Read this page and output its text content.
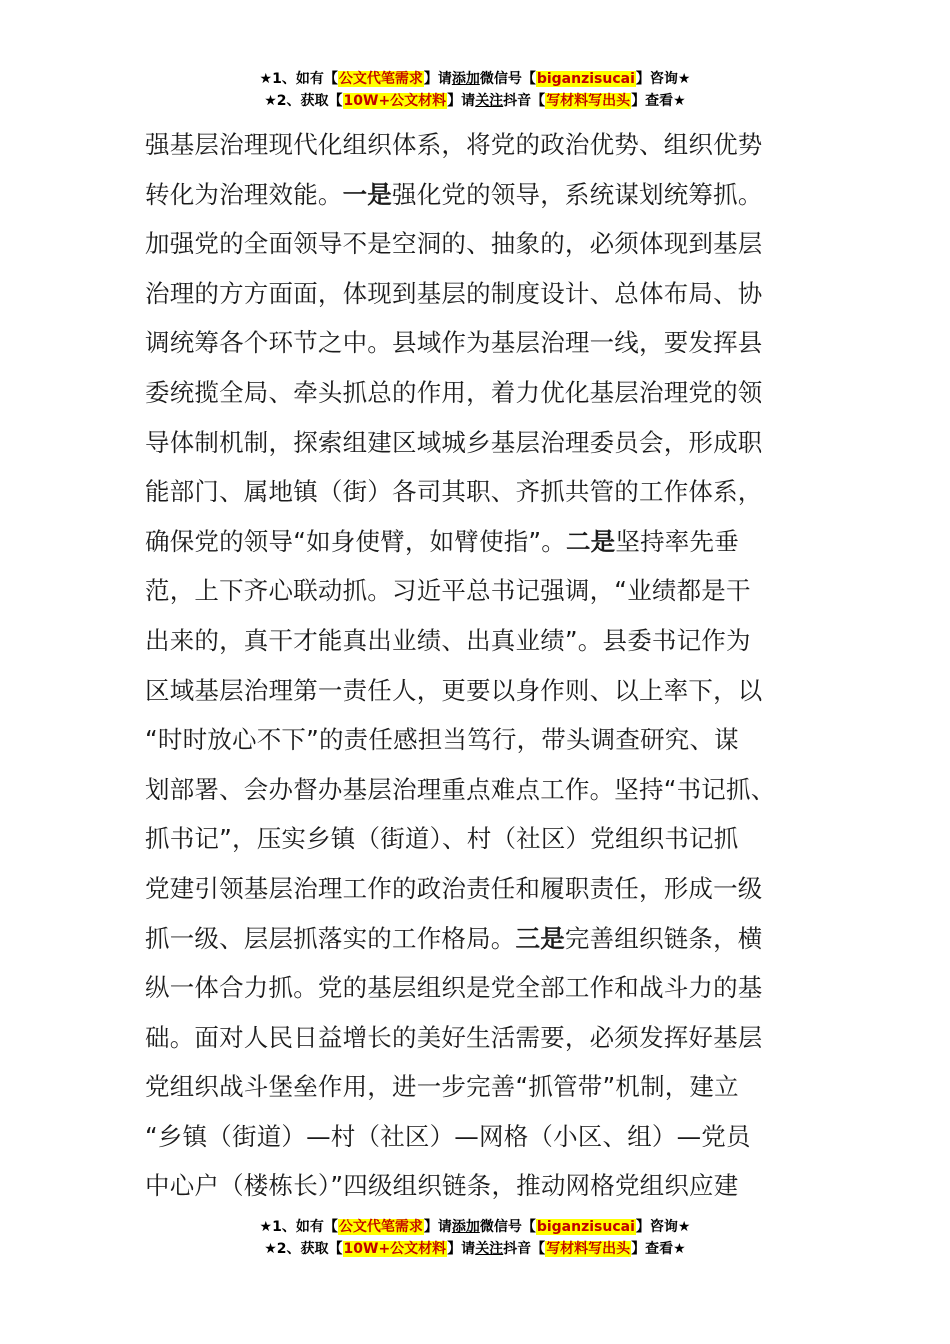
★1、如有【公文代笔需求】请添加微信号【biganzisucai】咨询★
★2、获取【10W+公文材料】请关注抖音【写材料写出头】查看★
强基层治理现代化组织体系，将党的政治优势、组织优势
转化为治理效能。一是强化党的领导，系统谋划统筹抓。
加强党的全面领导不是空洞的、抽象的，必须体现到基层
治理的方方面面，体现到基层的制度设计、总体布局、协
调统筹各个环节之中。县域作为基层治理一线，要发挥县
委统揽全局、牵头抓总的作用，着力优化基层治理党的领
导体制机制，探索组建区域城乡基层治理委员会，形成职
能部门、属地镇（街）各司其职、齐抓共管的工作体系，
确保党的领导“如身使臂，如臂使指”。二是坚持率先垂
范，上下齐心联动抓。习近平总书记强调，“业绩都是干
出来的，真干才能真出业绩、出真业绩”。县委书记作为
区域基层治理第一责任人，更要以身作则、以上率下，以
“时时放心不下”的责任感担当笃行，带头调查研究、谋
划部署、会办督办基层治理重点难点工作。坚持“书记抓、
抓书记”，压实乡镇（街道）、村（社区）党组织书记抓
党建引领基层治理工作的政治责任和履职责任，形成一级
抓一级、层层抓落实的工作格局。三是完善组织链条，横
纵一体合力抓。党的基层组织是党全部工作和战斗力的基
础。面对人民日益增长的美好生活需要，必须发挥好基层
党组织战斗堡垒作用，进一步完善“抓管带”机制，建立
“乡镇（街道）—村（社区）—网格（小区、组）—党员
中心户（楼栋长）”四级组织链条，推动网格党组织应建
★1、如有【公文代笔需求】请添加微信号【biganzisucai】咨询★
★2、获取【10W+公文材料】请关注抖音【写材料写出头】查看★
